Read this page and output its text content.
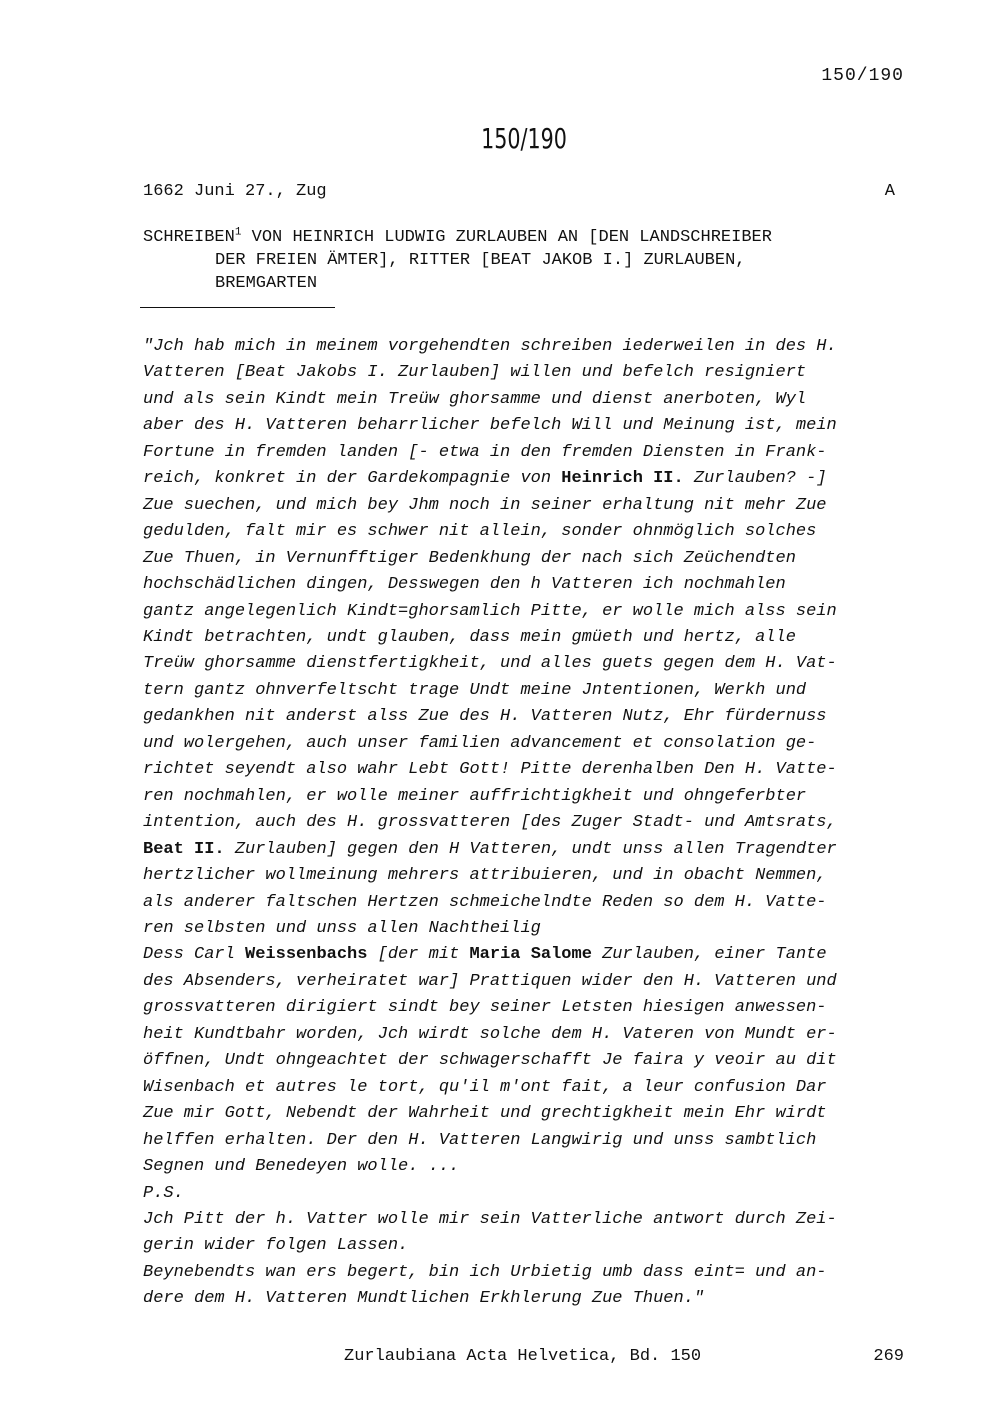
150/190
150/190
1662 Juni 27., Zug	A
SCHREIBEN$^1$ VON HEINRICH LUDWIG ZURLAUBEN AN [DEN LANDSCHREIBER
DER FREIEN ÄMTER], RITTER [BEAT JAKOB I.] ZURLAUBEN,
BREMGARTEN
"Jch hab mich in meinem vorgehendten schreiben iederweilen in des H.
Vatteren [Beat Jakobs I. Zurlauben] willen und befelch resigniert
und als sein Kindt mein Treüw ghorsamme und dienst anerboten, Wyl
aber des H. Vatteren beharrlicher befelch Will und Meinung ist, mein
Fortune in fremden landen [- etwa in den fremden Diensten in Frank-
reich, konkret in der Gardekompagnie von Heinrich II. Zurlauben? -]
Zue suechen, und mich bey Jhm noch in seiner erhaltung nit mehr Zue
gedulden, falt mir es schwer nit allein, sonder ohnmöglich solches
Zue Thuen, in Vernunfftiger Bedenkhung der nach sich Zeüchendten
hochschädlichen dingen, Desswegen den h Vatteren ich nochmahlen
gantz angelegenlich Kindt=ghorsamlich Pitte, er wolle mich alss sein
Kindt betrachten, undt glauben, dass mein gmüeth und hertz, alle
Treüw ghorsamme dienstfertigkheit, und alles guets gegen dem H. Vat-
tern gantz ohnverfeltscht trage Undt meine Jntentionen, Werkh und
gedankhen nit anderst alss Zue des H. Vatteren Nutz, Ehr fürdernuss
und wolergehen, auch unser familien advancement et consolation ge-
richtet seyendt also wahr Lebt Gott! Pitte derenhalben Den H. Vatte-
ren nochmahlen, er wolle meiner auffrichtigkheit und ohngeferbter
intention, auch des H. grossvatteren [des Zuger Stadt- und Amtsrats,
Beat II. Zurlauben] gegen den H Vatteren, undt unss allen Tragendter
hertzlicher wollmeinung mehrers attribuieren, und in obacht Nemmen,
als anderer faltschen Hertzen schmeichelndte Reden so dem H. Vatte-
ren selbsten und unss allen Nachtheilig
Dess Carl Weissenbachs [der mit Maria Salome Zurlauben, einer Tante
des Absenders, verheiratet war] Prattiquen wider den H. Vatteren und
grossvatteren dirigiert sindt bey seiner Letsten hiesigen anwessen-
heit Kundtbahr worden, Jch wirdt solche dem H. Vateren von Mundt er-
öffnen, Undt ohngeachtet der schwagerschafft Je faira y veoir au dit
Wisenbach et autres le tort, qu'il m'ont fait, a leur confusion Dar
Zue mir Gott, Nebendt der Wahrheit und grechtigkheit mein Ehr wirdt
helffen erhalten. Der den H. Vatteren Langwirig und unss sambtlich
Segnen und Benedeyen wolle. ...
P.S.
Jch Pitt der h. Vatter wolle mir sein Vatterliche antwort durch Zei-
gerin wider folgen Lassen.
Beynebendts wan ers begert, bin ich Urbietig umb dass eint= und an-
dere dem H. Vatteren Mundtlichen Erkhlerung Zue Thuen."
Zurlaubiana Acta Helvetica, Bd. 150	269
